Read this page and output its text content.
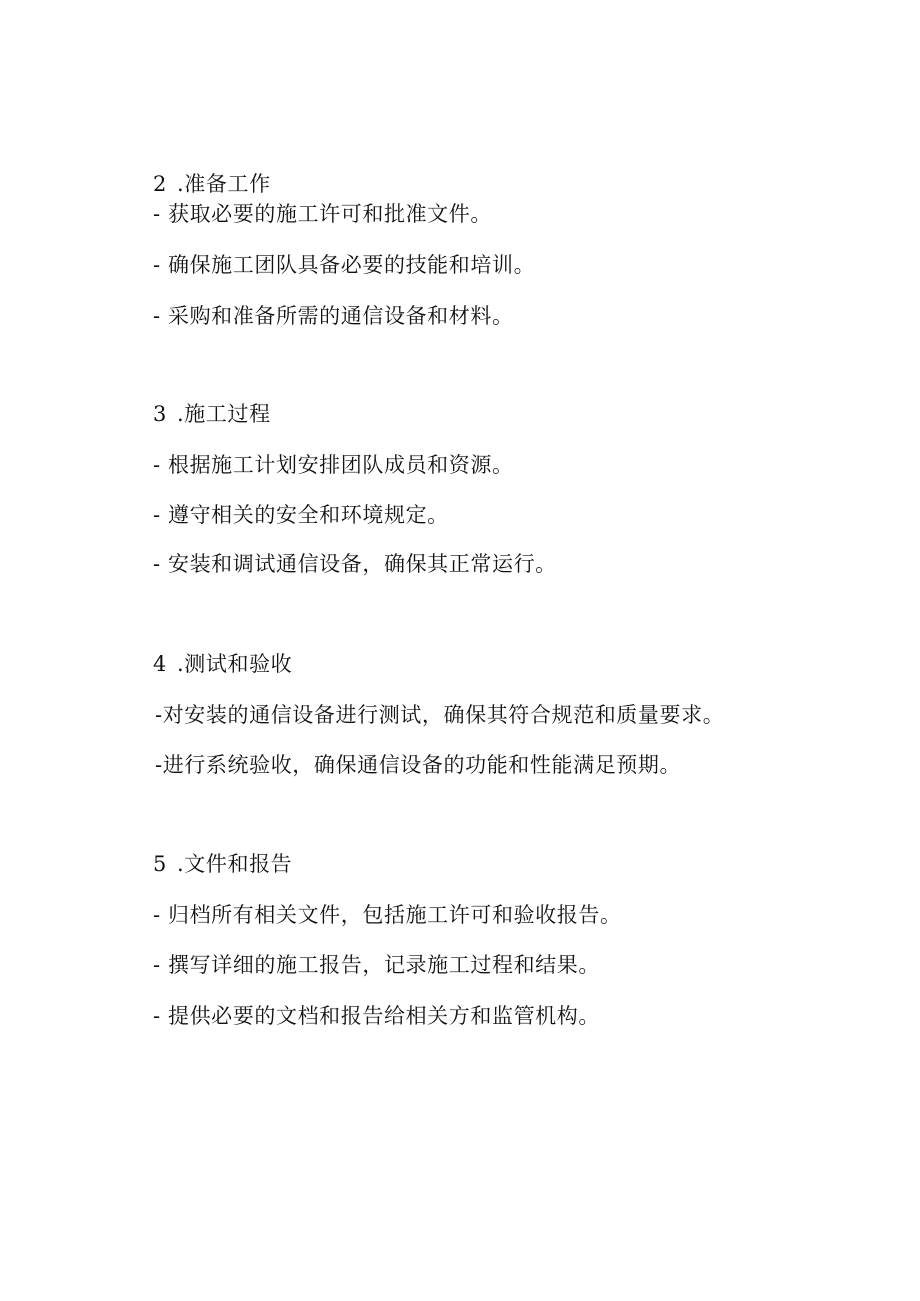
2 .准备工作
- 获取必要的施工许可和批准文件。
- 确保施工团队具备必要的技能和培训。
- 采购和准备所需的通信设备和材料。
3 .施工过程
- 根据施工计划安排团队成员和资源。
- 遵守相关的安全和环境规定。
- 安装和调试通信设备，确保其正常运行。
4 .测试和验收
-对安装的通信设备进行测试，确保其符合规范和质量要求。
-进行系统验收，确保通信设备的功能和性能满足预期。
5 .文件和报告
- 归档所有相关文件，包括施工许可和验收报告。
- 撰写详细的施工报告，记录施工过程和结果。
- 提供必要的文档和报告给相关方和监管机构。
